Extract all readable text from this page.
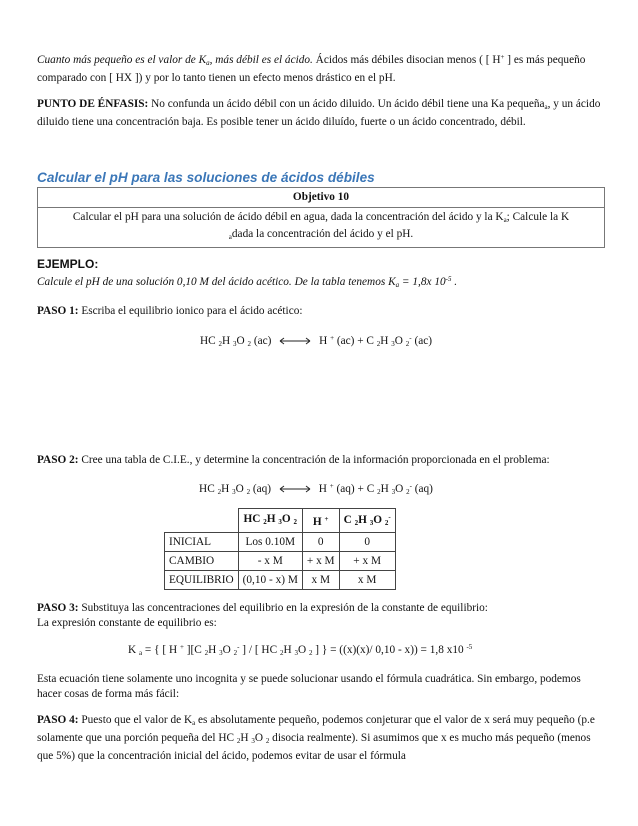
Cuanto más pequeño es el valor de $K_a$, más débil es el ácido. Ácidos más débiles disocian menos ( [ H+ ] es más pequeño comparado con [ HX ]) y por lo tanto tienen un efecto menos drástico en el pH.

PUNTO DE ÉNFASIS: No confunda un ácido débil con un ácido diluido. Un ácido débil tiene una Ka pequeña$_a$, y un ácido diluido tiene una concentración baja. Es posible tener un ácido diluído, fuerte o un ácido concentrado, débil.

Calcular el pH para las soluciones de ácidos débiles

Objetivo 10
Calcular el pH para una solución de ácido débil en agua, dada la concentración del ácido y la $K_a$; Calcule la K
$_a$dada la concentración del ácido y el pH.

EJEMPLO:

Calcule el pH de una solución 0,10 M del ácido acético. De la tabla tenemos $K_a = 1,8x$ $10^{-5}$ .

PASO 1: Escriba el equilibrio ionico para el ácido acético:

HC $_2$H $_3$O $_2$ (ac)	H + (ac) + C $_2$H $_3$O $_2$- (ac)

PASO 2: Cree una tabla de C.I.E., y determine la concentración de la información proporcionada en el problema:

HC $_2$H $_3$O $_2$ (aq)	H + (aq) + C $_2$H $_3$O $_2$- (aq)

	HC $_2$H $_3$O $_2$	H +	C $_2$H $_3$O $_2$-
INICIAL	Los 0.10M	0	0
CAMBIO	- x M	+ x M	+ x M
EQUILIBRIO	(0,10 - x) M	x M	x M

PASO 3: Substituya las concentraciones del equilibrio en la expresión de la constante de equilibrio:

La expresión constante de equilibrio es:

K $_a$ = { [ H + ][C $_2$H $_3$O $_2$- ] / [ HC $_2$H $_3$O $_2$ ] } = ((x)(x)/ 0,10 - x)) = 1,8 x10 $^{-5}$

Esta ecuación tiene solamente uno incognita y se puede solucionar usando el fórmula cuadrática. Sin embargo, podemos hacer cosas de forma más fácil:

PASO 4: Puesto que el valor de $K_a$ es absolutamente pequeño, podemos conjeturar que el valor de x será muy pequeño (p.e solamente que una porción pequeña del HC $_2$H $_3$O $_2$ disocia realmente). Si asumimos que x es mucho más pequeño (menos que 5%) que la concentración inicial del ácido, podemos evitar de usar el fórmula
